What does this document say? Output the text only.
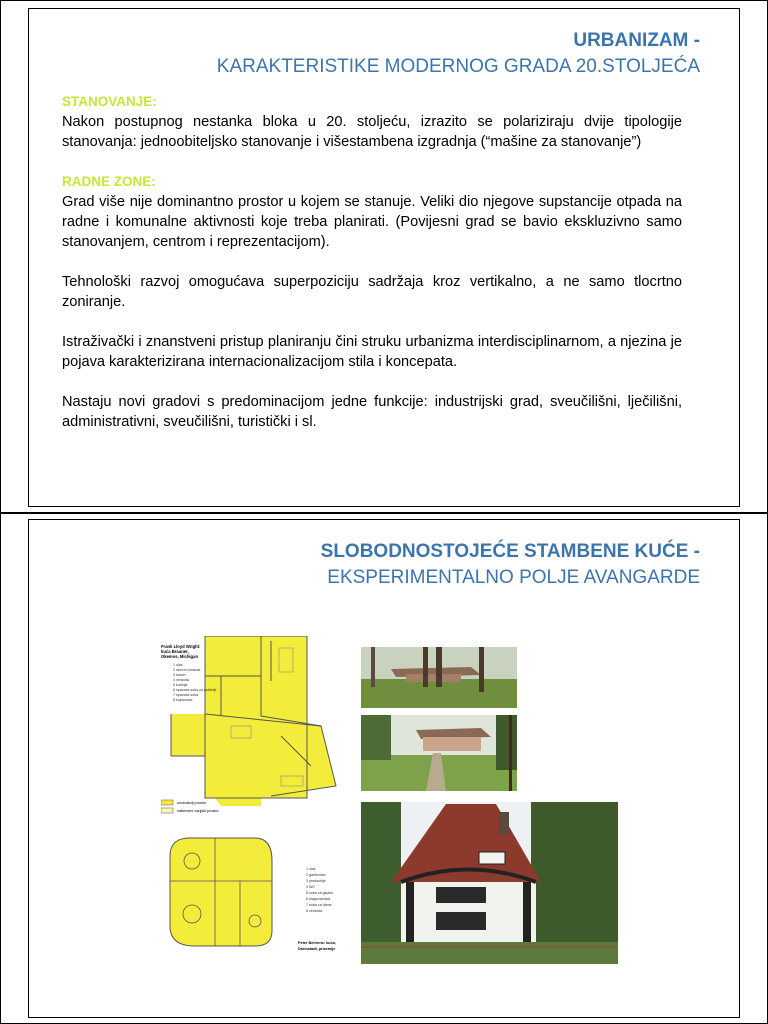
URBANIZAM -
KARAKTERISTIKE MODERNOG GRADA 20.STOLJEĆA

STANOVANJE:
Nakon postupnog nestanka bloka u 20. stoljeću, izrazito se polariziraju dvije tipologije stanovanja: jednoobiteljsko stanovanje i višestambena izgradnja (“mašine za stanovanje”)

RADNE ZONE:
Grad više nije dominantno prostor u kojem se stanuje. Veliki dio njegove supstancije otpada na radne i komunalne aktivnosti koje treba planirati. (Povijesni grad se bavio ekskluzivno samo stanovanjem, centrom i reprezentacijom).

Tehnološki razvoj omogućava superpoziciju sadržaja kroz vertikalno, a ne samo tlocrtno zoniranje.

Istraživački i znanstveni pristup planiranju čini struku urbanizma interdisciplinarnom, a njezina je pojava karakterizirana internacionalizacijom stila i koncepata.

Nastaju novi gradovi s predominacijom jedne funkcije: industrijski grad, sveučilišni, lječilišni, administrativni, sveučilišni, turistički i sl.

SLOBODNOSTOJEĆE STAMBENE KUĆE -
EKSPERIMENTALNO POLJE AVANGARDE
Frank Lloyd Wright:
kuća Brauner,
Okemos, Michigan
1 ulaz
2 dnevni boravak
3 kamin
4 veranda
5 kuhinja
6 spavaća soba za roditelje
7 spavaća soba
8 kupaonica
unutrašnji prostor
natkriveni vanjski prostor
1 ulaz
2 garderoba
3 predsoblje
4 WC
5 soba za glazbu
6 blagovaonica
7 soba za dame
8 veranda
Peter Behrens: kuća,
Darmstadt, prizemlje
